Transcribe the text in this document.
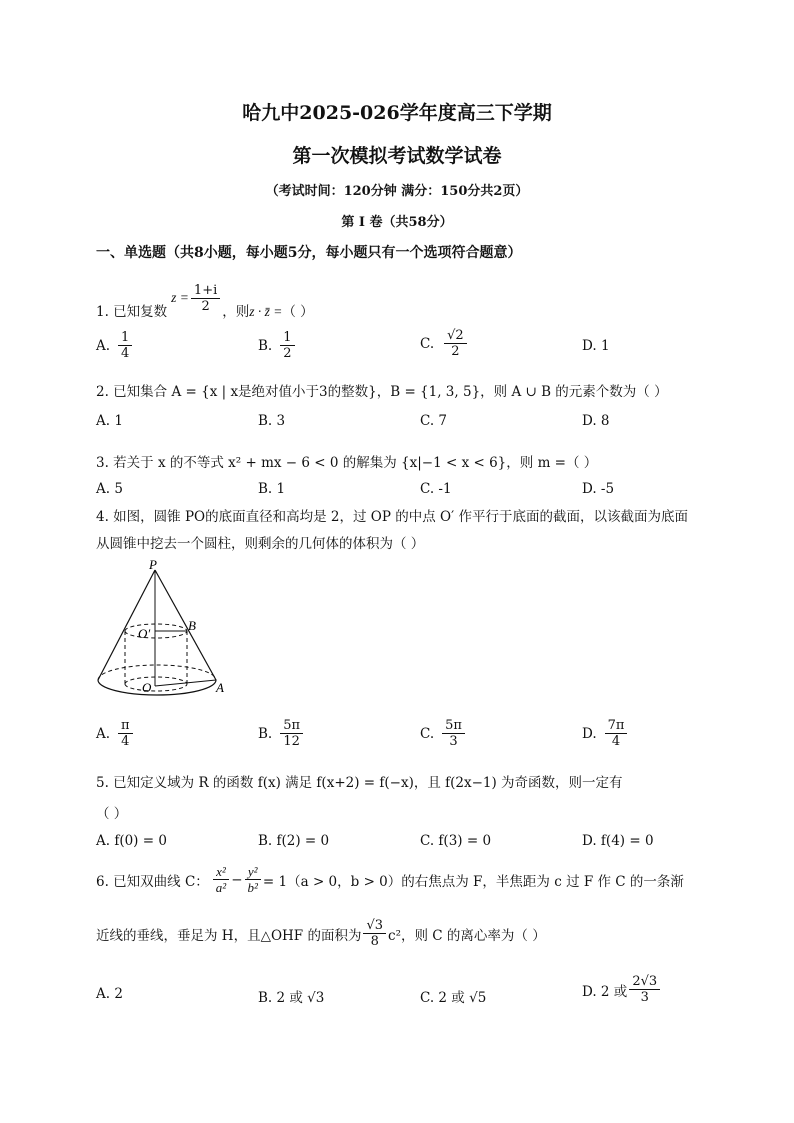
哈九中2025-026学年度高三下学期
第一次模拟考试数学试卷
（考试时间：120分钟 满分：150分共2页）
第 I 卷（共58分）
一、单选题（共8小题，每小题5分，每小题只有一个选项符合题意）
1. 已知复数
$z = \frac{1+i}{2}$ ，则 z · z̄ = （ ）
A. $\frac{1}{4}$	B. $\frac{1}{2}$	C. $\frac{√2}{2}$	D. 1
2. 已知集合 A = {x | x是绝对值小于3的整数}，B = {1, 3, 5}，则 A ∪ B 的元素个数为（ ）
A. 1	B. 3	C. 7	D. 8
3. 若关于 x 的不等式 x² + mx − 6 < 0 的解集为 {x|−1 < x < 6}，则 m =（ ）
A. 5	B. 1	C. -1	D. -5
4. 如图，圆锥 PO的底面直径和高均是 2，过 OP 的中点 O′ 作平行于底面的截面，以该截面为底面
从圆锥中挖去一个圆柱，则剩余的几何体的体积为（ ）
P
O′
B
O	A
A. $\frac{\pi}{4}$	B. $\frac{5\pi}{12}$	C. $\frac{5\pi}{3}$	D. $\frac{7\pi}{4}$
5. 已知定义域为 R 的函数 f(x) 满足 f(x+2) = f(−x)，且 f(2x−1) 为奇函数，则一定有
（ ）
A. f(0) = 0	B. f(2) = 0	C. f(3) = 0	D. f(4) = 0
6. 已知双曲线 C： $\frac{\text{x²}}{\text{a²}} - \frac{\text{y²}}{\text{b²}} = 1(a > 0$，b > 0）的右焦点为 F，半焦距为 c 过 F 作 C 的一条渐
近线的垂线，垂足为 H，且△OHF 的面积为 $\frac{√3}{8} c^2$，则 C 的离心率为（ ）
A. 2	B. 2 或 √3	C. 2 或 √5	D. 2 或 $\frac{2√3}{3}$
